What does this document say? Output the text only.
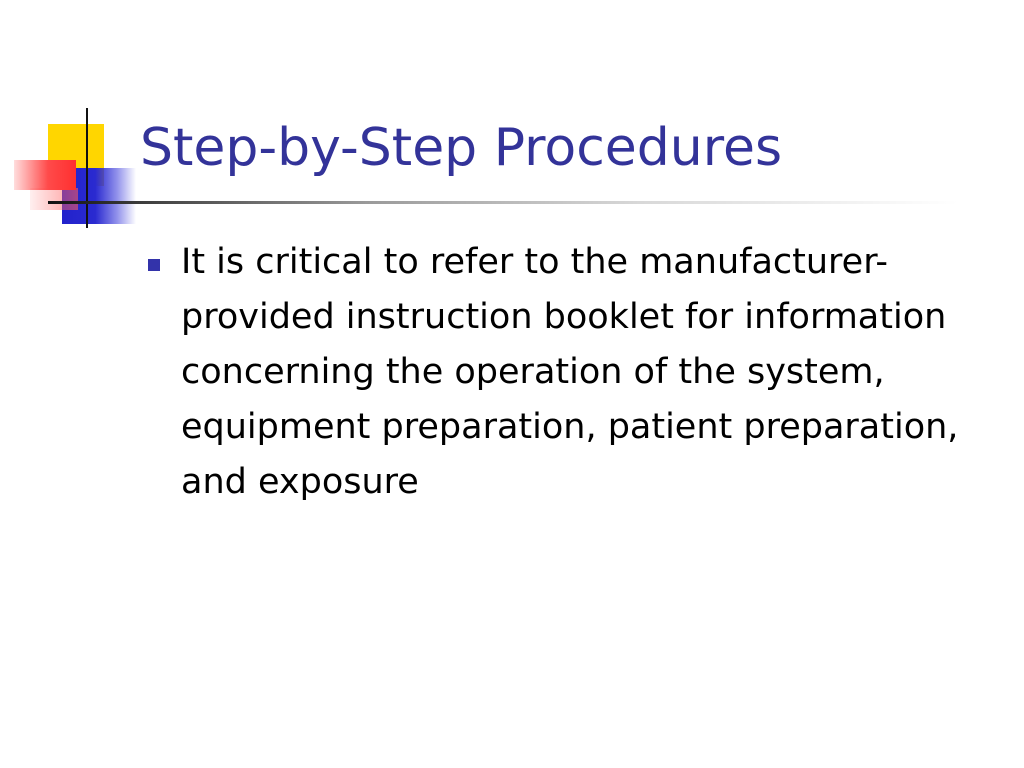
Step-by-Step Procedures
It is critical to refer to the manufacturer-provided instruction booklet for information concerning the operation of the system, equipment preparation, patient preparation, and exposure
